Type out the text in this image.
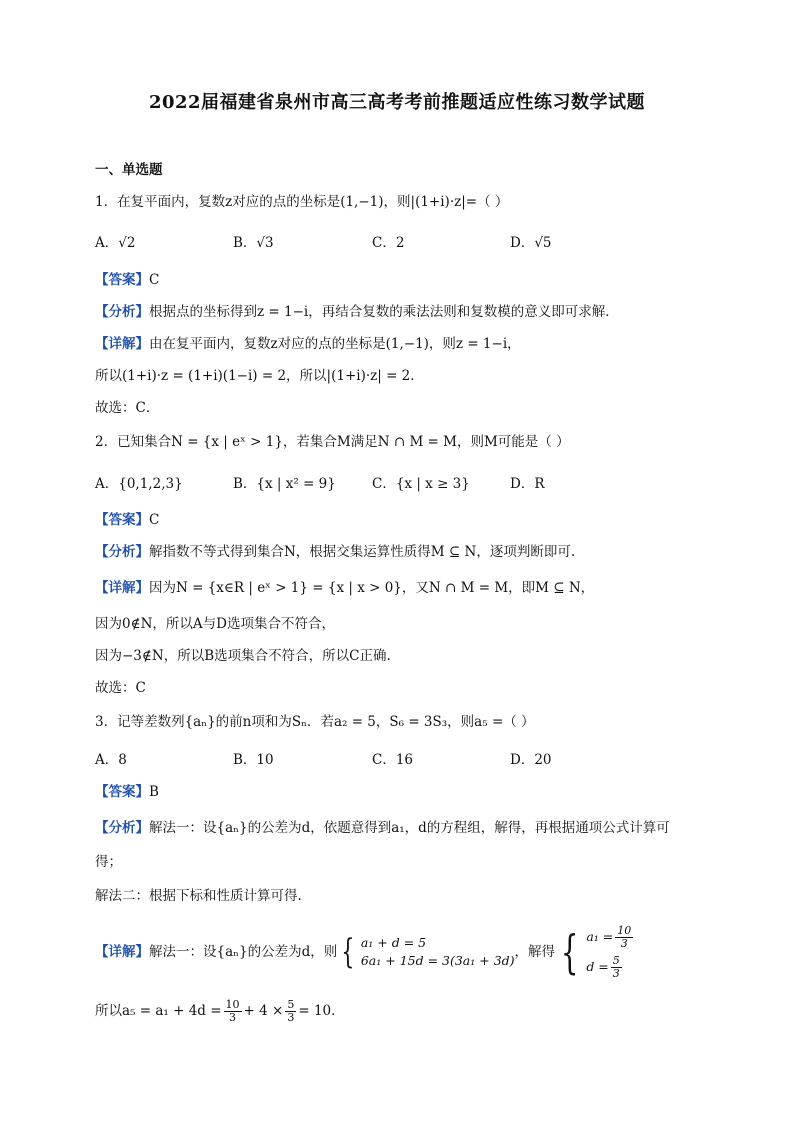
2022届福建省泉州市高三高考考前推题适应性练习数学试题
一、单选题
1．在复平面内，复数z对应的点的坐标是(1,−1)，则|(1+i)·z|=（ ）
A．√2	B．√3	C．2	D．√5
【答案】C
【分析】根据点的坐标得到z = 1−i，再结合复数的乘法法则和复数模的意义即可求解．
【详解】由在复平面内，复数z对应的点的坐标是(1,−1)，则z = 1−i，
所以(1+i)·z = (1+i)(1−i) = 2，所以|(1+i)·z| = 2．
故选：C．
2．已知集合N = {x | eˣ > 1}，若集合M满足N ∩ M = M，则M可能是（ ）
A．{0,1,2,3}	B．{x | x² = 9}	C．{x | x ≥ 3}	D．R
【答案】C
【分析】解指数不等式得到集合N，根据交集运算性质得M ⊆ N，逐项判断即可.
【详解】因为N = {x∈R | eˣ > 1} = {x | x > 0}，又N ∩ M = M，即M ⊆ N，
因为0∉N，所以A与D选项集合不符合，
因为−3∉N，所以B选项集合不符合，所以C正确.
故选：C
3．记等差数列{aₙ}的前n项和为Sₙ．若a₂ = 5，S₆ = 3S₃，则a₅ =（ ）
A．8	B．10	C．16	D．20
【答案】B
【分析】解法一：设{aₙ}的公差为d，依题意得到a₁，d的方程组，解得，再根据通项公式计算可
得；
解法二：根据下标和性质计算可得.
【详解】 解法一：设{aₙ}的公差为d，则 { a₁ + d = 5
6a₁ + 15d = 3(3a₁ + 3d)
，解得 { $a_1 = \frac{10}{3}$
$d = \frac{5}{3}$
所以$a_5 = a_1 + 4d = \frac{10}{3} + 4 \times \frac{5}{3} = 10$．
